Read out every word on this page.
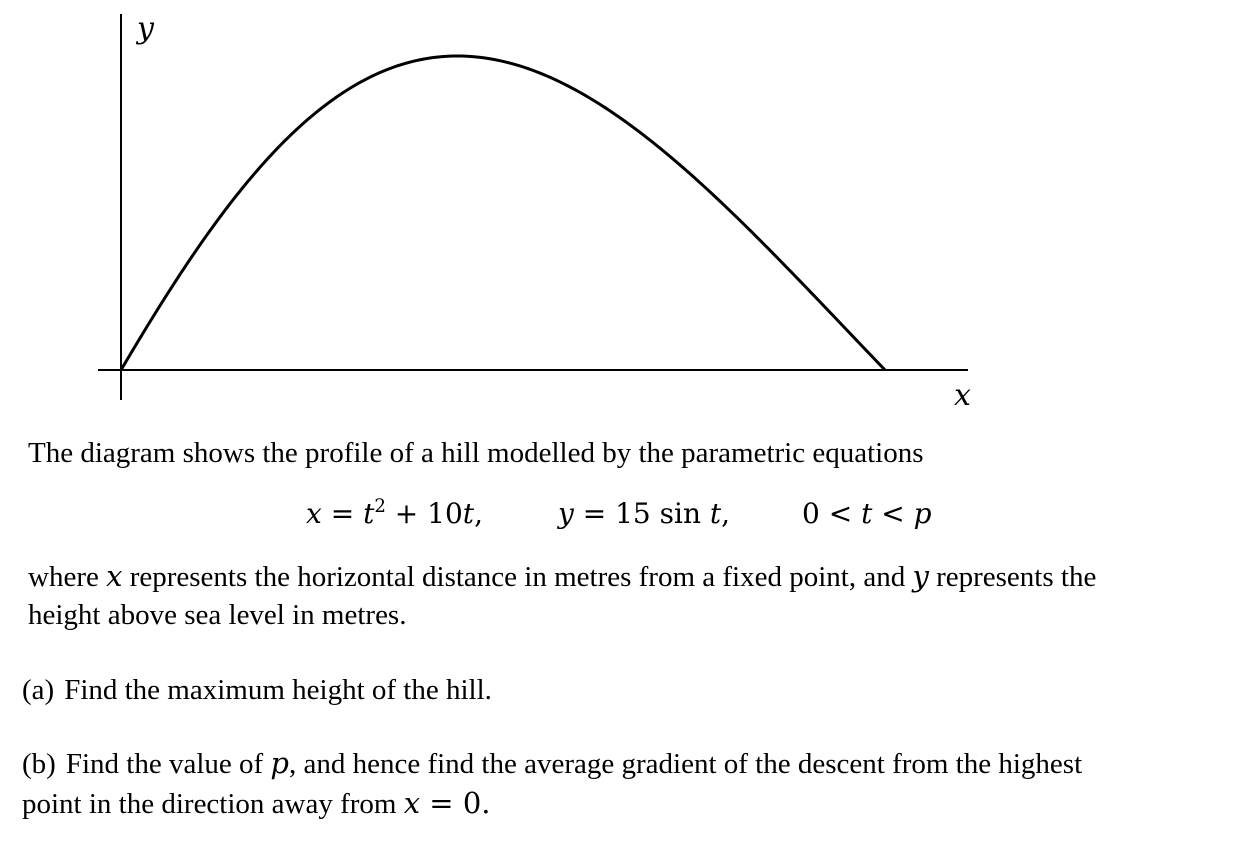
y
x
The diagram shows the profile of a hill modelled by the parametric equations
$x = t^2 + 10t$,	y = 15 sin t,	0 < t < p
where x represents the horizontal distance in metres from a fixed point, and y represents the
height above sea level in metres.
(a) Find the maximum height of the hill.
(b) Find the value of p, and hence find the average gradient of the descent from the highest
point in the direction away from x = 0.
